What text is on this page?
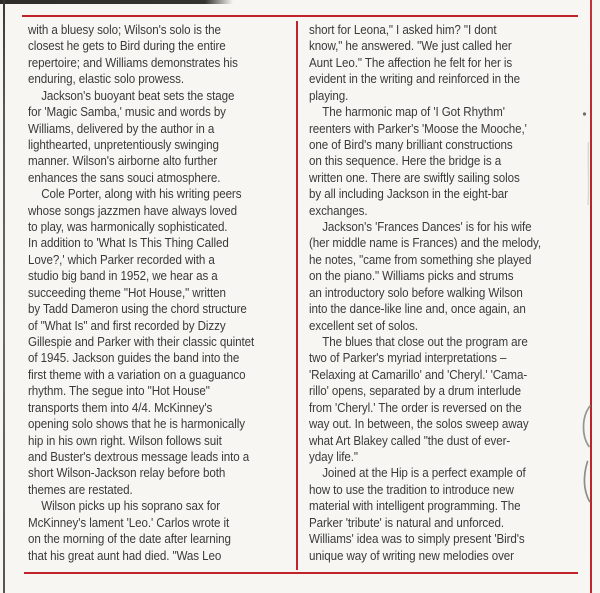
with a bluesy solo; Wilson's solo is the
closest he gets to Bird during the entire
repertoire; and Williams demonstrates his
enduring, elastic solo prowess.
Jackson's buoyant beat sets the stage
for 'Magic Samba,' music and words by
Williams, delivered by the author in a
lighthearted, unpretentiously swinging
manner. Wilson's airborne alto further
enhances the sans souci atmosphere.
Cole Porter, along with his writing peers
whose songs jazzmen have always loved
to play, was harmonically sophisticated.
In addition to 'What Is This Thing Called
Love?,' which Parker recorded with a
studio big band in 1952, we hear as a
succeeding theme "Hot House," written
by Tadd Dameron using the chord structure
of "What Is" and first recorded by Dizzy
Gillespie and Parker with their classic quintet
of 1945. Jackson guides the band into the
first theme with a variation on a guaguanco
rhythm. The segue into "Hot House"
transports them into 4/4. McKinney's
opening solo shows that he is harmonically
hip in his own right. Wilson follows suit
and Buster's dextrous message leads into a
short Wilson-Jackson relay before both
themes are restated.
Wilson picks up his soprano sax for
McKinney's lament 'Leo.' Carlos wrote it
on the morning of the date after learning
that his great aunt had died. "Was Leo
short for Leona," I asked him? "I dont
know," he answered. "We just called her
Aunt Leo." The affection he felt for her is
evident in the writing and reinforced in the
playing.
The harmonic map of 'I Got Rhythm'
reenters with Parker's 'Moose the Mooche,'
one of Bird's many brilliant constructions
on this sequence. Here the bridge is a
written one. There are swiftly sailing solos
by all including Jackson in the eight-bar
exchanges.
Jackson's 'Frances Dances' is for his wife
(her middle name is Frances) and the melody,
he notes, "came from something she played
on the piano." Williams picks and strums
an introductory solo before walking Wilson
into the dance-like line and, once again, an
excellent set of solos.
The blues that close out the program are
two of Parker's myriad interpretations –
'Relaxing at Camarillo' and 'Cheryl.' 'Cama-
rillo' opens, separated by a drum interlude
from 'Cheryl.' The order is reversed on the
way out. In between, the solos sweep away
what Art Blakey called "the dust of ever-
yday life."
Joined at the Hip is a perfect example of
how to use the tradition to introduce new
material with intelligent programming. The
Parker 'tribute' is natural and unforced.
Williams' idea was to simply present 'Bird's
unique way of writing new melodies over
